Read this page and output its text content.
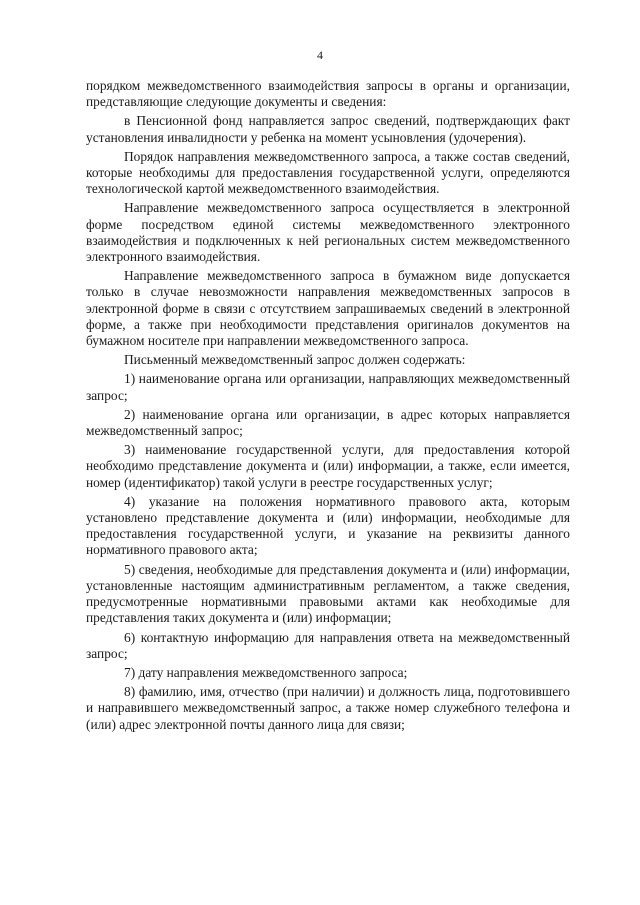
4

порядком межведомственного взаимодействия запросы в органы и организации, представляющие следующие документы и сведения:

в Пенсионной фонд направляется запрос сведений, подтверждающих факт установления инвалидности у ребенка на момент усыновления (удочерения).

Порядок направления межведомственного запроса, а также состав сведений, которые необходимы для предоставления государственной услуги, определяются технологической картой межведомственного взаимодействия.

Направление межведомственного запроса осуществляется в электронной форме посредством единой системы межведомственного электронного взаимодействия и подключенных к ней региональных систем межведомственного электронного взаимодействия.

Направление межведомственного запроса в бумажном виде допускается только в случае невозможности направления межведомственных запросов в электронной форме в связи с отсутствием запрашиваемых сведений в электронной форме, а также при необходимости представления оригиналов документов на бумажном носителе при направлении межведомственного запроса.

Письменный межведомственный запрос должен содержать:

1) наименование органа или организации, направляющих межведомственный запрос;

2) наименование органа или организации, в адрес которых направляется межведомственный запрос;

3) наименование государственной услуги, для предоставления которой необходимо представление документа и (или) информации, а также, если имеется, номер (идентификатор) такой услуги в реестре государственных услуг;

4) указание на положения нормативного правового акта, которым установлено представление документа и (или) информации, необходимые для предоставления государственной услуги, и указание на реквизиты данного нормативного правового акта;

5) сведения, необходимые для представления документа и (или) информации, установленные настоящим административным регламентом, а также сведения, предусмотренные нормативными правовыми актами как необходимые для представления таких документа и (или) информации;

6) контактную информацию для направления ответа на межведомственный запрос;

7) дату направления межведомственного запроса;

8) фамилию, имя, отчество (при наличии) и должность лица, подготовившего и направившего межведомственный запрос, а также номер служебного телефона и (или) адрес электронной почты данного лица для связи;
